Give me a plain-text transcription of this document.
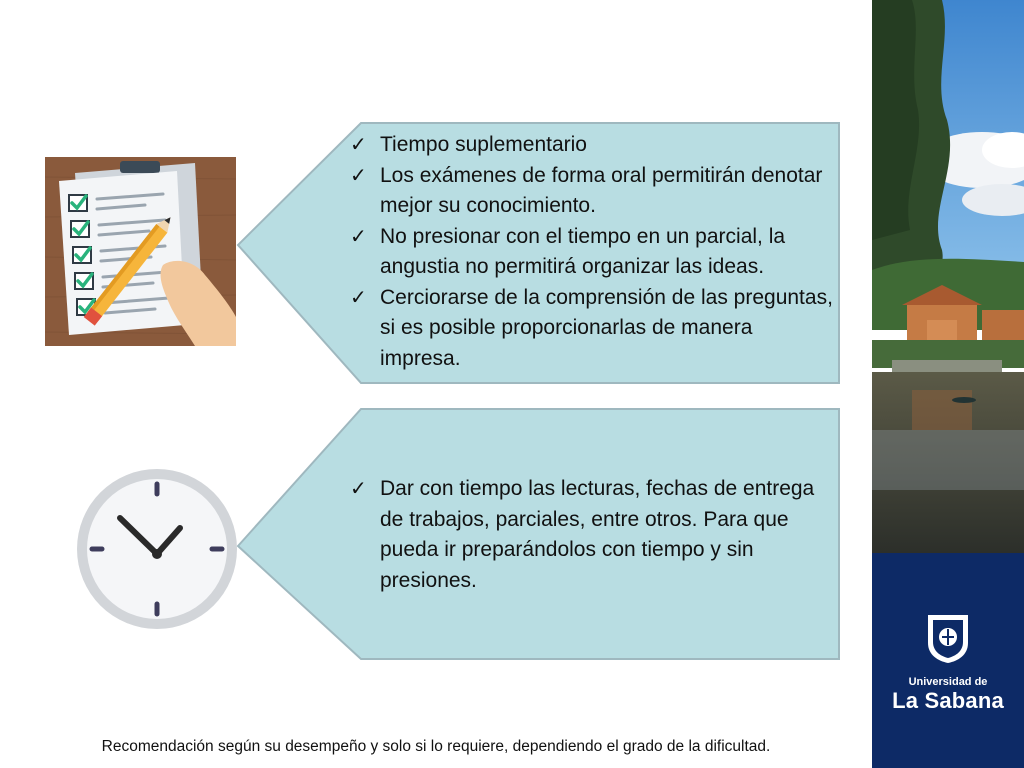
✓ Tiempo suplementario
✓ Los exámenes de forma oral permitirán denotar mejor su conocimiento.
✓ No presionar con el tiempo en un parcial, la angustia no permitirá organizar las ideas.
✓ Cerciorarse de la comprensión de las preguntas, si es posible proporcionarlas de manera impresa.
✓ Dar con tiempo las lecturas, fechas de entrega de trabajos, parciales, entre otros. Para que pueda ir preparándolos con tiempo y sin presiones.
Universidad de
La Sabana
Recomendación según su desempeño y solo si lo requiere, dependiendo el grado de la dificultad.
